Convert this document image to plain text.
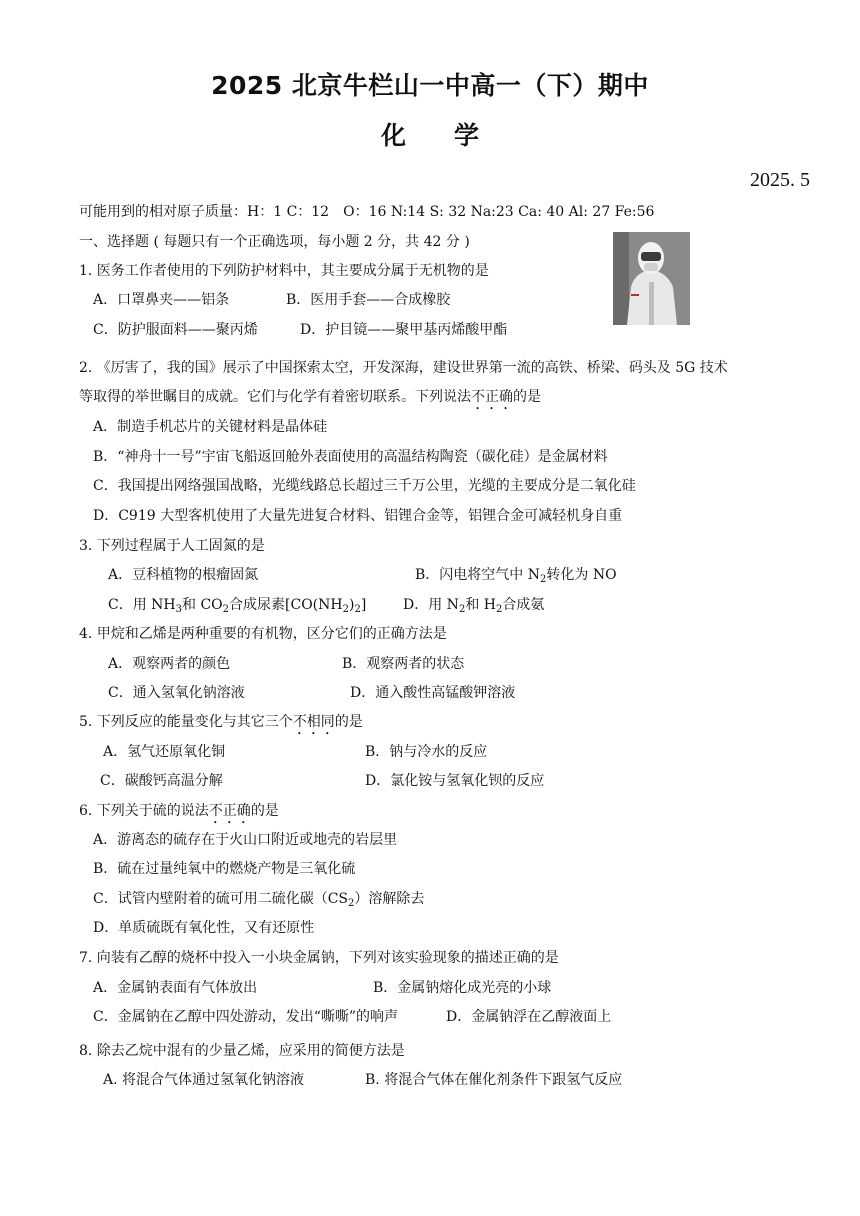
2025 北京牛栏山一中高一（下）期中
化学
2025. 5
可能用到的相对原子质量：H：1 C：12　O：16 N:14 S: 32 Na:23 Ca: 40 Al: 27 Fe:56
一、选择题 ( 每题只有一个正确选项，每小题 2 分，共 42 分 )
1. 医务工作者使用的下列防护材料中，其主要成分属于无机物的是
A．口罩鼻夹——铝条	B．医用手套——合成橡胶
C．防护服面料——聚丙烯	D．护目镜——聚甲基丙烯酸甲酯
2. 《厉害了，我的国》展示了中国探索太空，开发深海，建设世界第一流的高铁、桥梁、码头及 5G 技术
等取得的举世瞩目的成就。它们与化学有着密切联系。下列说法不正确的是
A．制造手机芯片的关键材料是晶体硅
B．“神舟十一号”宇宙飞船返回舱外表面使用的高温结构陶瓷（碳化硅）是金属材料
C．我国提出网络强国战略，光缆线路总长超过三千万公里，光缆的主要成分是二氧化硅
D．C919 大型客机使用了大量先进复合材料、铝锂合金等，铝锂合金可减轻机身自重
3. 下列过程属于人工固氮的是
A．豆科植物的根瘤固氮	B．闪电将空气中 $N_2$转化为 NO
C．用 $NH_3$和 $CO_2$合成尿素$[CO(NH_2)_2]$	D．用 $N_2$和 $H_2$合成氨
4. 甲烷和乙烯是两种重要的有机物，区分它们的正确方法是
A．观察两者的颜色	B．观察两者的状态
C．通入氢氧化钠溶液	D．通入酸性高锰酸钾溶液
5. 下列反应的能量变化与其它三个不相同的是
A．氢气还原氧化铜	B．钠与冷水的反应
C．碳酸钙高温分解	D．氯化铵与氢氧化钡的反应
6. 下列关于硫的说法不正确的是
A．游离态的硫存在于火山口附近或地壳的岩层里
B．硫在过量纯氧中的燃烧产物是三氧化硫
C．试管内壁附着的硫可用二硫化碳$(CS_2)$溶解除去
D．单质硫既有氧化性，又有还原性
7. 向装有乙醇的烧杯中投入一小块金属钠，下列对该实验现象的描述正确的是
A．金属钠表面有气体放出	B．金属钠熔化成光亮的小球
C．金属钠在乙醇中四处游动，发出“嘶嘶”的响声	D．金属钠浮在乙醇液面上
8. 除去乙烷中混有的少量乙烯，应采用的简便方法是
A. 将混合气体通过氢氧化钠溶液	B. 将混合气体在催化剂条件下跟氢气反应
